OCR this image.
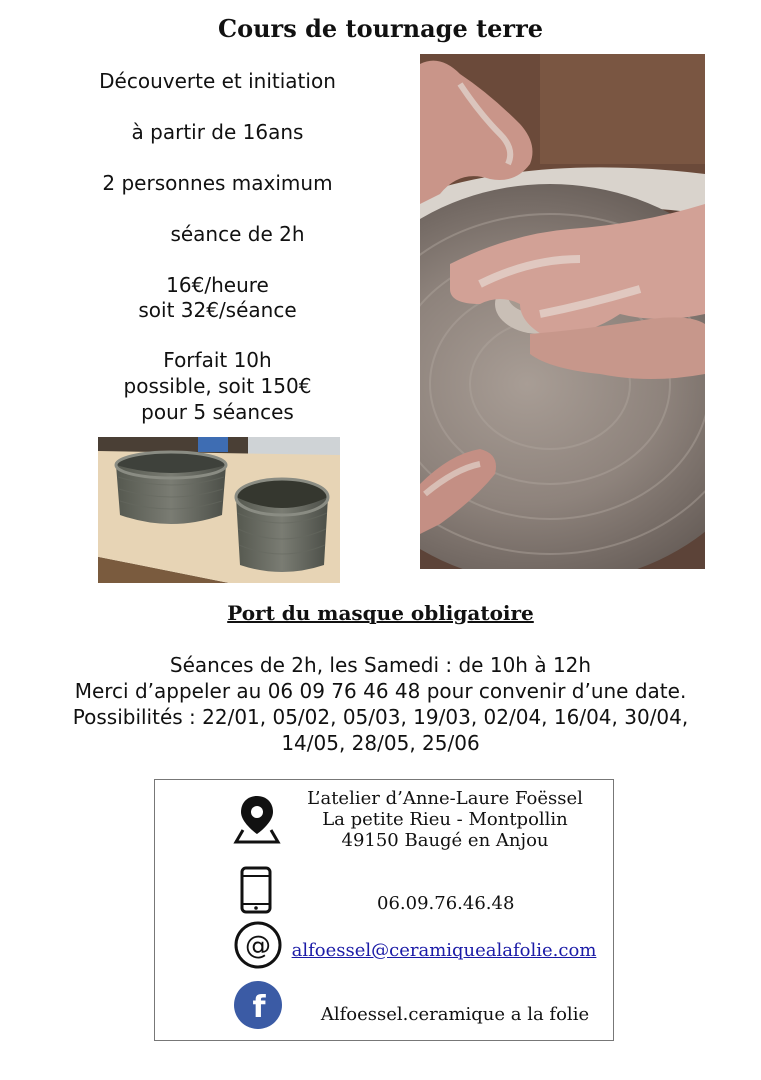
Cours de tournage terre
Découverte et initiation
à partir de 16ans
2 personnes maximum
séance de 2h
16€/heure
soit 32€/séance
Forfait 10h
possible, soit 150€
pour 5 séances
Port du masque obligatoire
Séances de 2h, les Samedi : de 10h à 12h
Merci d’appeler au 06 09 76 46 48 pour convenir d’une date.
Possibilités : 22/01, 05/02, 05/03, 19/03, 02/04, 16/04, 30/04,
14/05, 28/05, 25/06
L’atelier d’Anne-Laure Foëssel
La petite Rieu - Montpollin
49150 Baugé en Anjou
06.09.76.46.48
@ alfoessel@ceramiquealafolie.com
f	Alfoessel.ceramique a la folie
